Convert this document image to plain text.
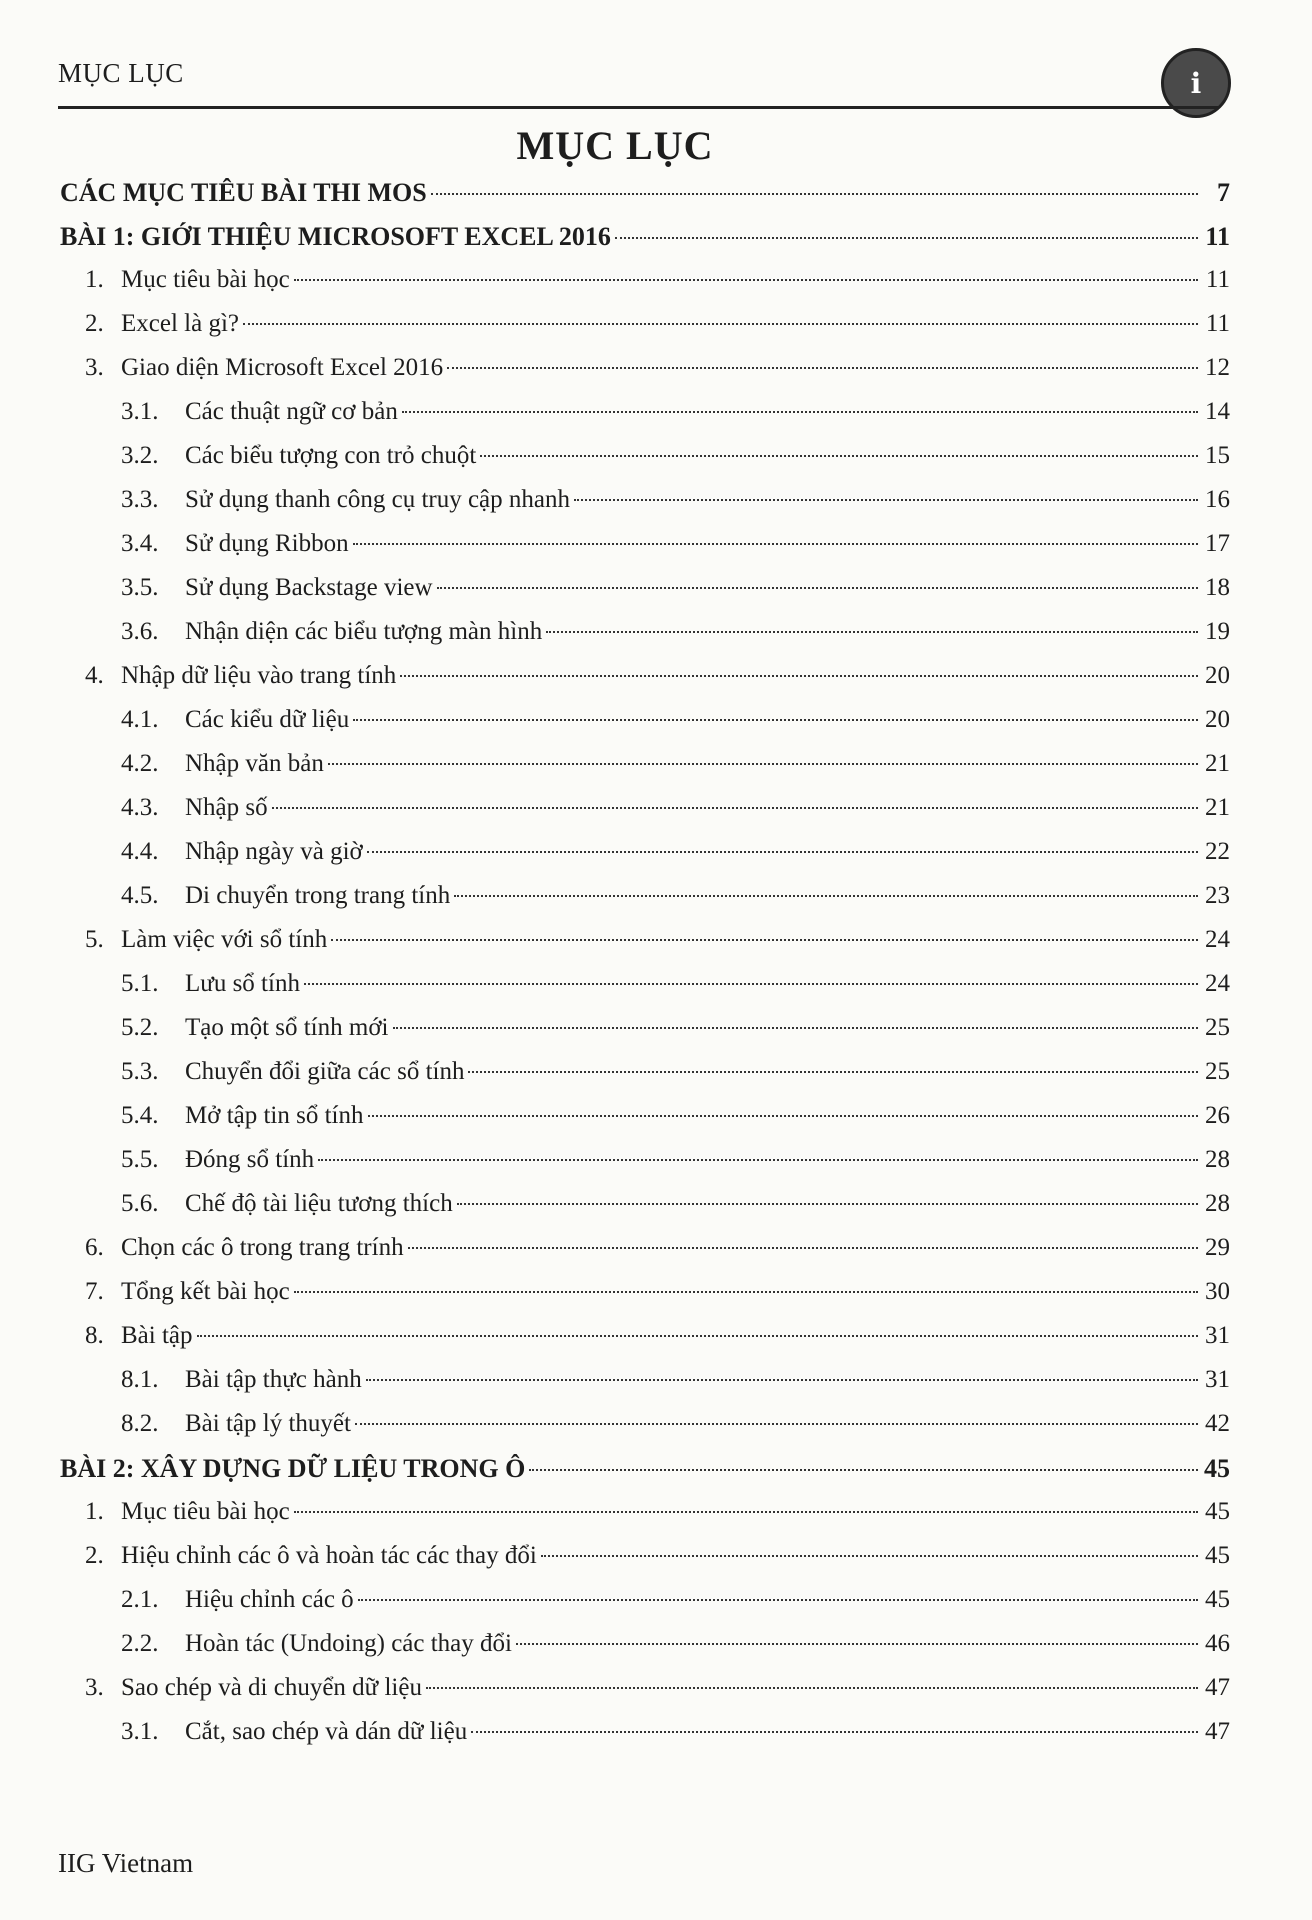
MỤC LỤC	i
MỤC LỤC
CÁC MỤC TIÊU BÀI THI MOS	7
BÀI 1: GIỚI THIỆU MICROSOFT EXCEL 2016	11
1. Mục tiêu bài học	11
2. Excel là gì?	11
3. Giao diện Microsoft Excel 2016	12
3.1.	Các thuật ngữ cơ bản	14
3.2.	Các biểu tượng con trỏ chuột	15
3.3.	Sử dụng thanh công cụ truy cập nhanh	16
3.4.	Sử dụng Ribbon	17
3.5.	Sử dụng Backstage view	18
3.6.	Nhận diện các biểu tượng màn hình	19
4. Nhập dữ liệu vào trang tính	20
4.1.	Các kiểu dữ liệu	20
4.2.	Nhập văn bản	21
4.3.	Nhập số	21
4.4.	Nhập ngày và giờ	22
4.5.	Di chuyển trong trang tính	23
5. Làm việc với sổ tính	24
5.1.	Lưu sổ tính	24
5.2.	Tạo một sổ tính mới	25
5.3.	Chuyển đổi giữa các sổ tính	25
5.4.	Mở tập tin sổ tính	26
5.5.	Đóng sổ tính	28
5.6.	Chế độ tài liệu tương thích	28
6. Chọn các ô trong trang trính	29
7. Tổng kết bài học	30
8. Bài tập	31
8.1.	Bài tập thực hành	31
8.2.	Bài tập lý thuyết	42
BÀI 2: XÂY DỰNG DỮ LIỆU TRONG Ô	45
1. Mục tiêu bài học	45
2. Hiệu chỉnh các ô và hoàn tác các thay đổi	45
2.1.	Hiệu chỉnh các ô	45
2.2.	Hoàn tác (Undoing) các thay đổi	46
3. Sao chép và di chuyển dữ liệu	47
3.1.	Cắt, sao chép và dán dữ liệu	47
IIG Vietnam
